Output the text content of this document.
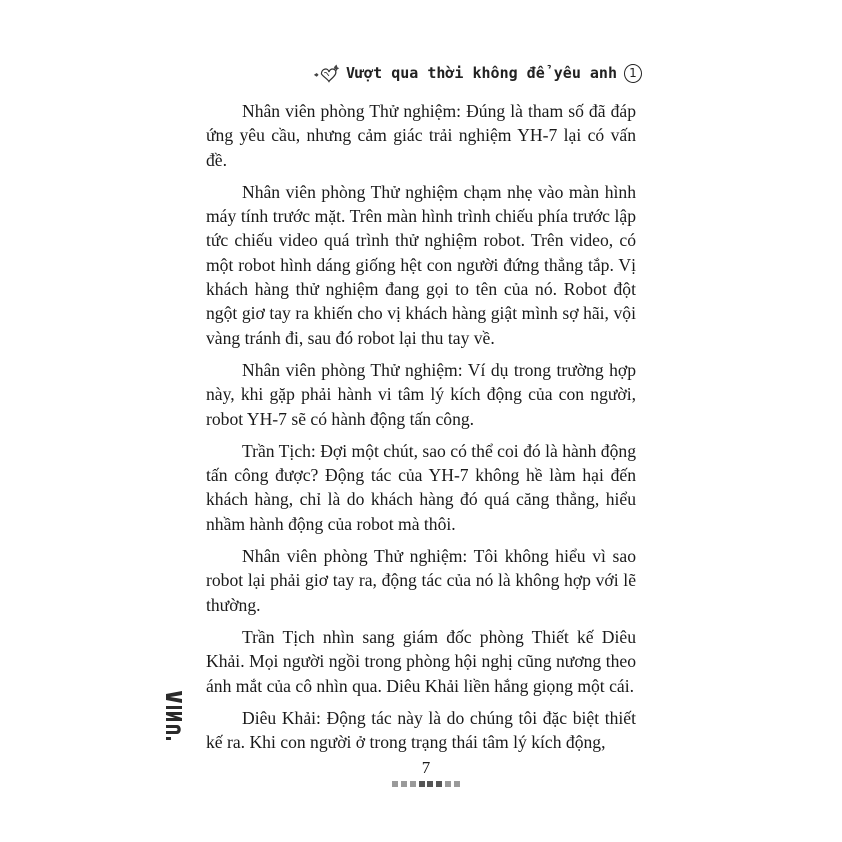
Vượt qua thời không để yêu anh	1

Nhân viên phòng Thử nghiệm: Đúng là tham số đã đáp ứng yêu cầu, nhưng cảm giác trải nghiệm YH-7 lại có vấn đề.

Nhân viên phòng Thử nghiệm chạm nhẹ vào màn hình máy tính trước mặt. Trên màn hình trình chiếu phía trước lập tức chiếu video quá trình thử nghiệm robot. Trên video, có một robot hình dáng giống hệt con người đứng thẳng tắp. Vị khách hàng thử nghiệm đang gọi to tên của nó. Robot đột ngột giơ tay ra khiến cho vị khách hàng giật mình sợ hãi, vội vàng tránh đi, sau đó robot lại thu tay về.

Nhân viên phòng Thử nghiệm: Ví dụ trong trường hợp này, khi gặp phải hành vi tâm lý kích động của con người, robot YH-7 sẽ có hành động tấn công.

Trần Tịch: Đợi một chút, sao có thể coi đó là hành động tấn công được? Động tác của YH-7 không hề làm hại đến khách hàng, chỉ là do khách hàng đó quá căng thẳng, hiểu nhầm hành động của robot mà thôi.

Nhân viên phòng Thử nghiệm: Tôi không hiểu vì sao robot lại phải giơ tay ra, động tác của nó là không hợp với lẽ thường.

Trần Tịch nhìn sang giám đốc phòng Thiết kế Diêu Khải. Mọi người ngồi trong phòng hội nghị cũng nương theo ánh mắt của cô nhìn qua. Diêu Khải liền hắng giọng một cái.

Diêu Khải: Động tác này là do chúng tôi đặc biệt thiết kế ra. Khi con người ở trong trạng thái tâm lý kích động,

7
